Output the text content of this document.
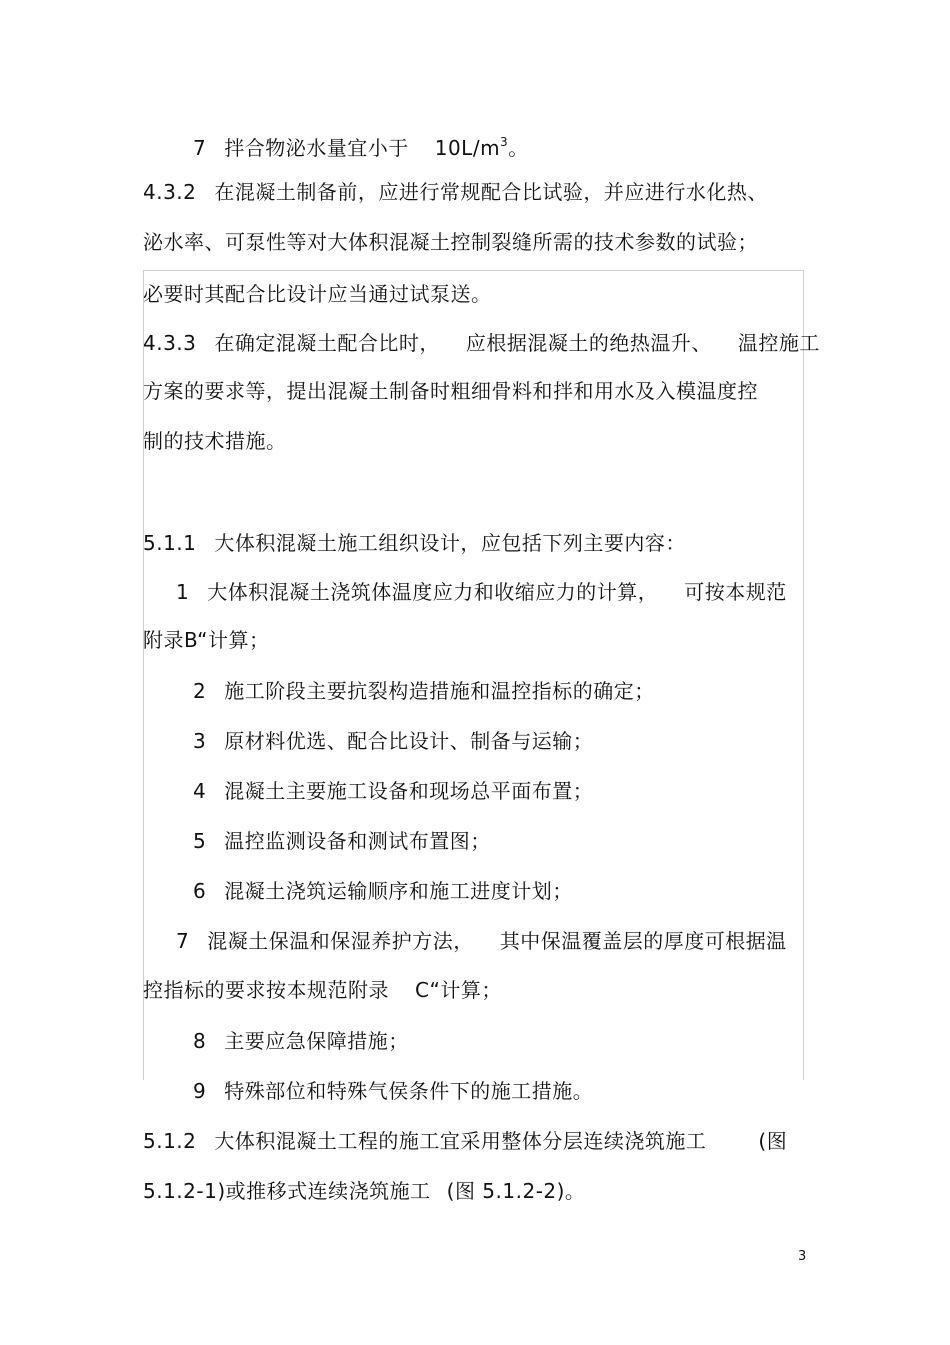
7 拌合物泌水量宜小于 $10L/m^3$。
4.3.2 在混凝土制备前，应进行常规配合比试验，并应进行水化热、
泌水率、可泵性等对大体积混凝土控制裂缝所需的技术参数的试验；
必要时其配合比设计应当通过试泵送。
4.3.3 在确定混凝土配合比时， 应根据混凝土的绝热温升、 温控施工
方案的要求等，提出混凝土制备时粗细骨料和拌和用水及入模温度控
制的技术措施。
5.1.1 大体积混凝土施工组织设计，应包括下列主要内容：
1 大体积混凝土浇筑体温度应力和收缩应力的计算， 可按本规范
附录B“计算；
2 施工阶段主要抗裂构造措施和温控指标的确定；
3 原材料优选、配合比设计、制备与运输；
4 混凝土主要施工设备和现场总平面布置；
5 温控监测设备和测试布置图；
6 混凝土浇筑运输顺序和施工进度计划；
7 混凝土保温和保湿养护方法， 其中保温覆盖层的厚度可根据温
控指标的要求按本规范附录 C“计算；
8 主要应急保障措施；
9 特殊部位和特殊气侯条件下的施工措施。
5.1.2 大体积混凝土工程的施工宜采用整体分层连续浇筑施工	(图
5.1.2-1)或推移式连续浇筑施工 (图 5.1.2-2)。
3
